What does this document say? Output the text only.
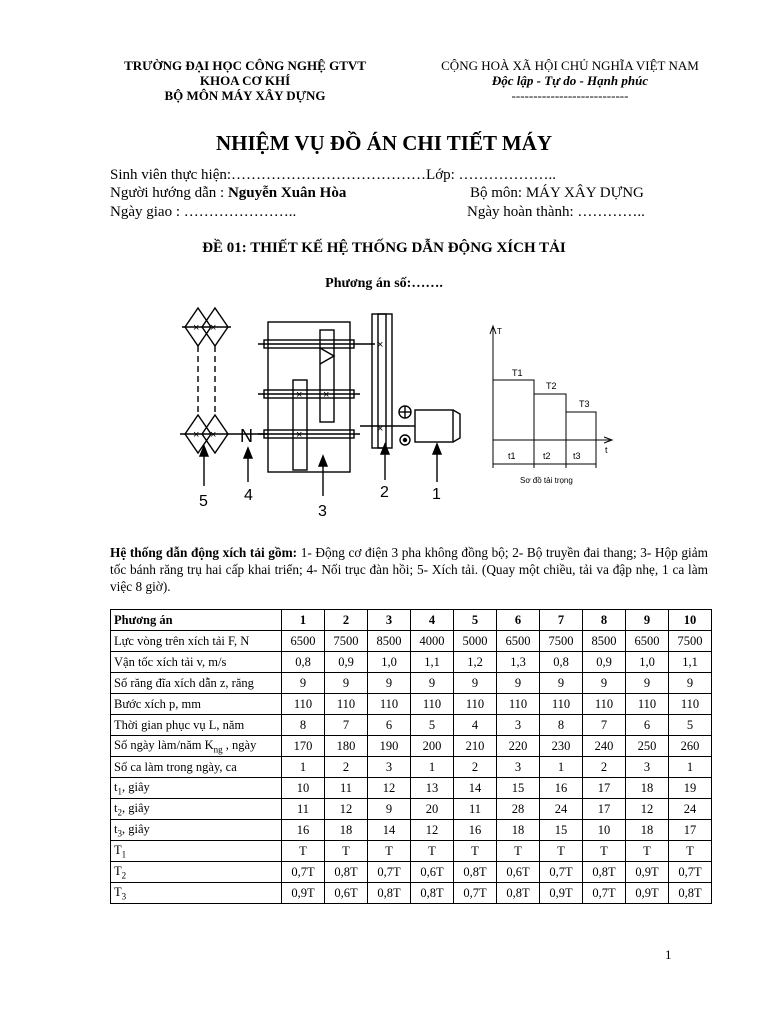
TRƯỜNG ĐẠI HỌC CÔNG NGHỆ GTVT
KHOA CƠ KHÍ
BỘ MÔN MÁY XÂY DỰNG
CỘNG HOÀ XÃ HỘI CHỦ NGHĨA VIỆT NAM
Độc lập - Tự do - Hạnh phúc
---------------------------
NHIỆM VỤ ĐỒ ÁN CHI TIẾT MÁY
Sinh viên thực hiện:…………………………………Lớp: ………………..
Người hướng dẫn : Nguyễn Xuân Hòa	Bộ môn: MÁY XÂY DỰNG
Ngày giao : …………………..	Ngày hoàn thành: …………..
ĐỀ 01: THIẾT KẾ HỆ THỐNG DẪN ĐỘNG XÍCH TẢI
Phương án số:…….
× ×
× × N
× ×
×
×
×
5 4
3
2	1
T
t
T1
T2
T3
t1	t2 t3
Sơ đồ tải trọng
Hệ thống dẫn động xích tải gồm: 1- Động cơ điện 3 pha không đồng bộ; 2- Bộ truyền đai thang; 3- Hộp giảm tốc bánh răng trụ hai cấp khai triển; 4- Nối trục đàn hồi; 5- Xích tải. (Quay một chiều, tải va đập nhẹ, 1 ca làm việc 8 giờ).
Phương án	1	2	3	4	5	6	7	8	9	10
Lực vòng trên xích tải F, N	6500	7500	8500	4000	5000	6500	7500	8500	6500	7500
Vận tốc xích tải v, m/s	0,8	0,9	1,0	1,1	1,2	1,3	0,8	0,9	1,0	1,1
Số răng đĩa xích dẫn z, răng	9	9	9	9	9	9	9	9	9	9
Bước xích p, mm	110	110	110	110	110	110	110	110	110	110
Thời gian phục vụ L, năm	8	7	6	5	4	3	8	7	6	5
Số ngày làm/năm $K_{ng}$ , ngày	170	180	190	200	210	220	230	240	250	260
Số ca làm trong ngày, ca	1	2	3	1	2	3	1	2	3	1
$t_1$, giây	10	11	12	13	14	15	16	17	18	19
$t_2$, giây	11	12	9	20	11	28	24	17	12	24
$t_3$, giây	16	18	14	12	16	18	15	10	18	17
$T_1$	T	T	T	T	T	T	T	T	T	T
$T_2$	0,7T	0,8T	0,7T	0,6T	0,8T	0,6T	0,7T	0,8T	0,9T	0,7T
$T_3$	0,9T	0,6T	0,8T	0,8T	0,7T	0,8T	0,9T	0,7T	0,9T	0,8T
1
